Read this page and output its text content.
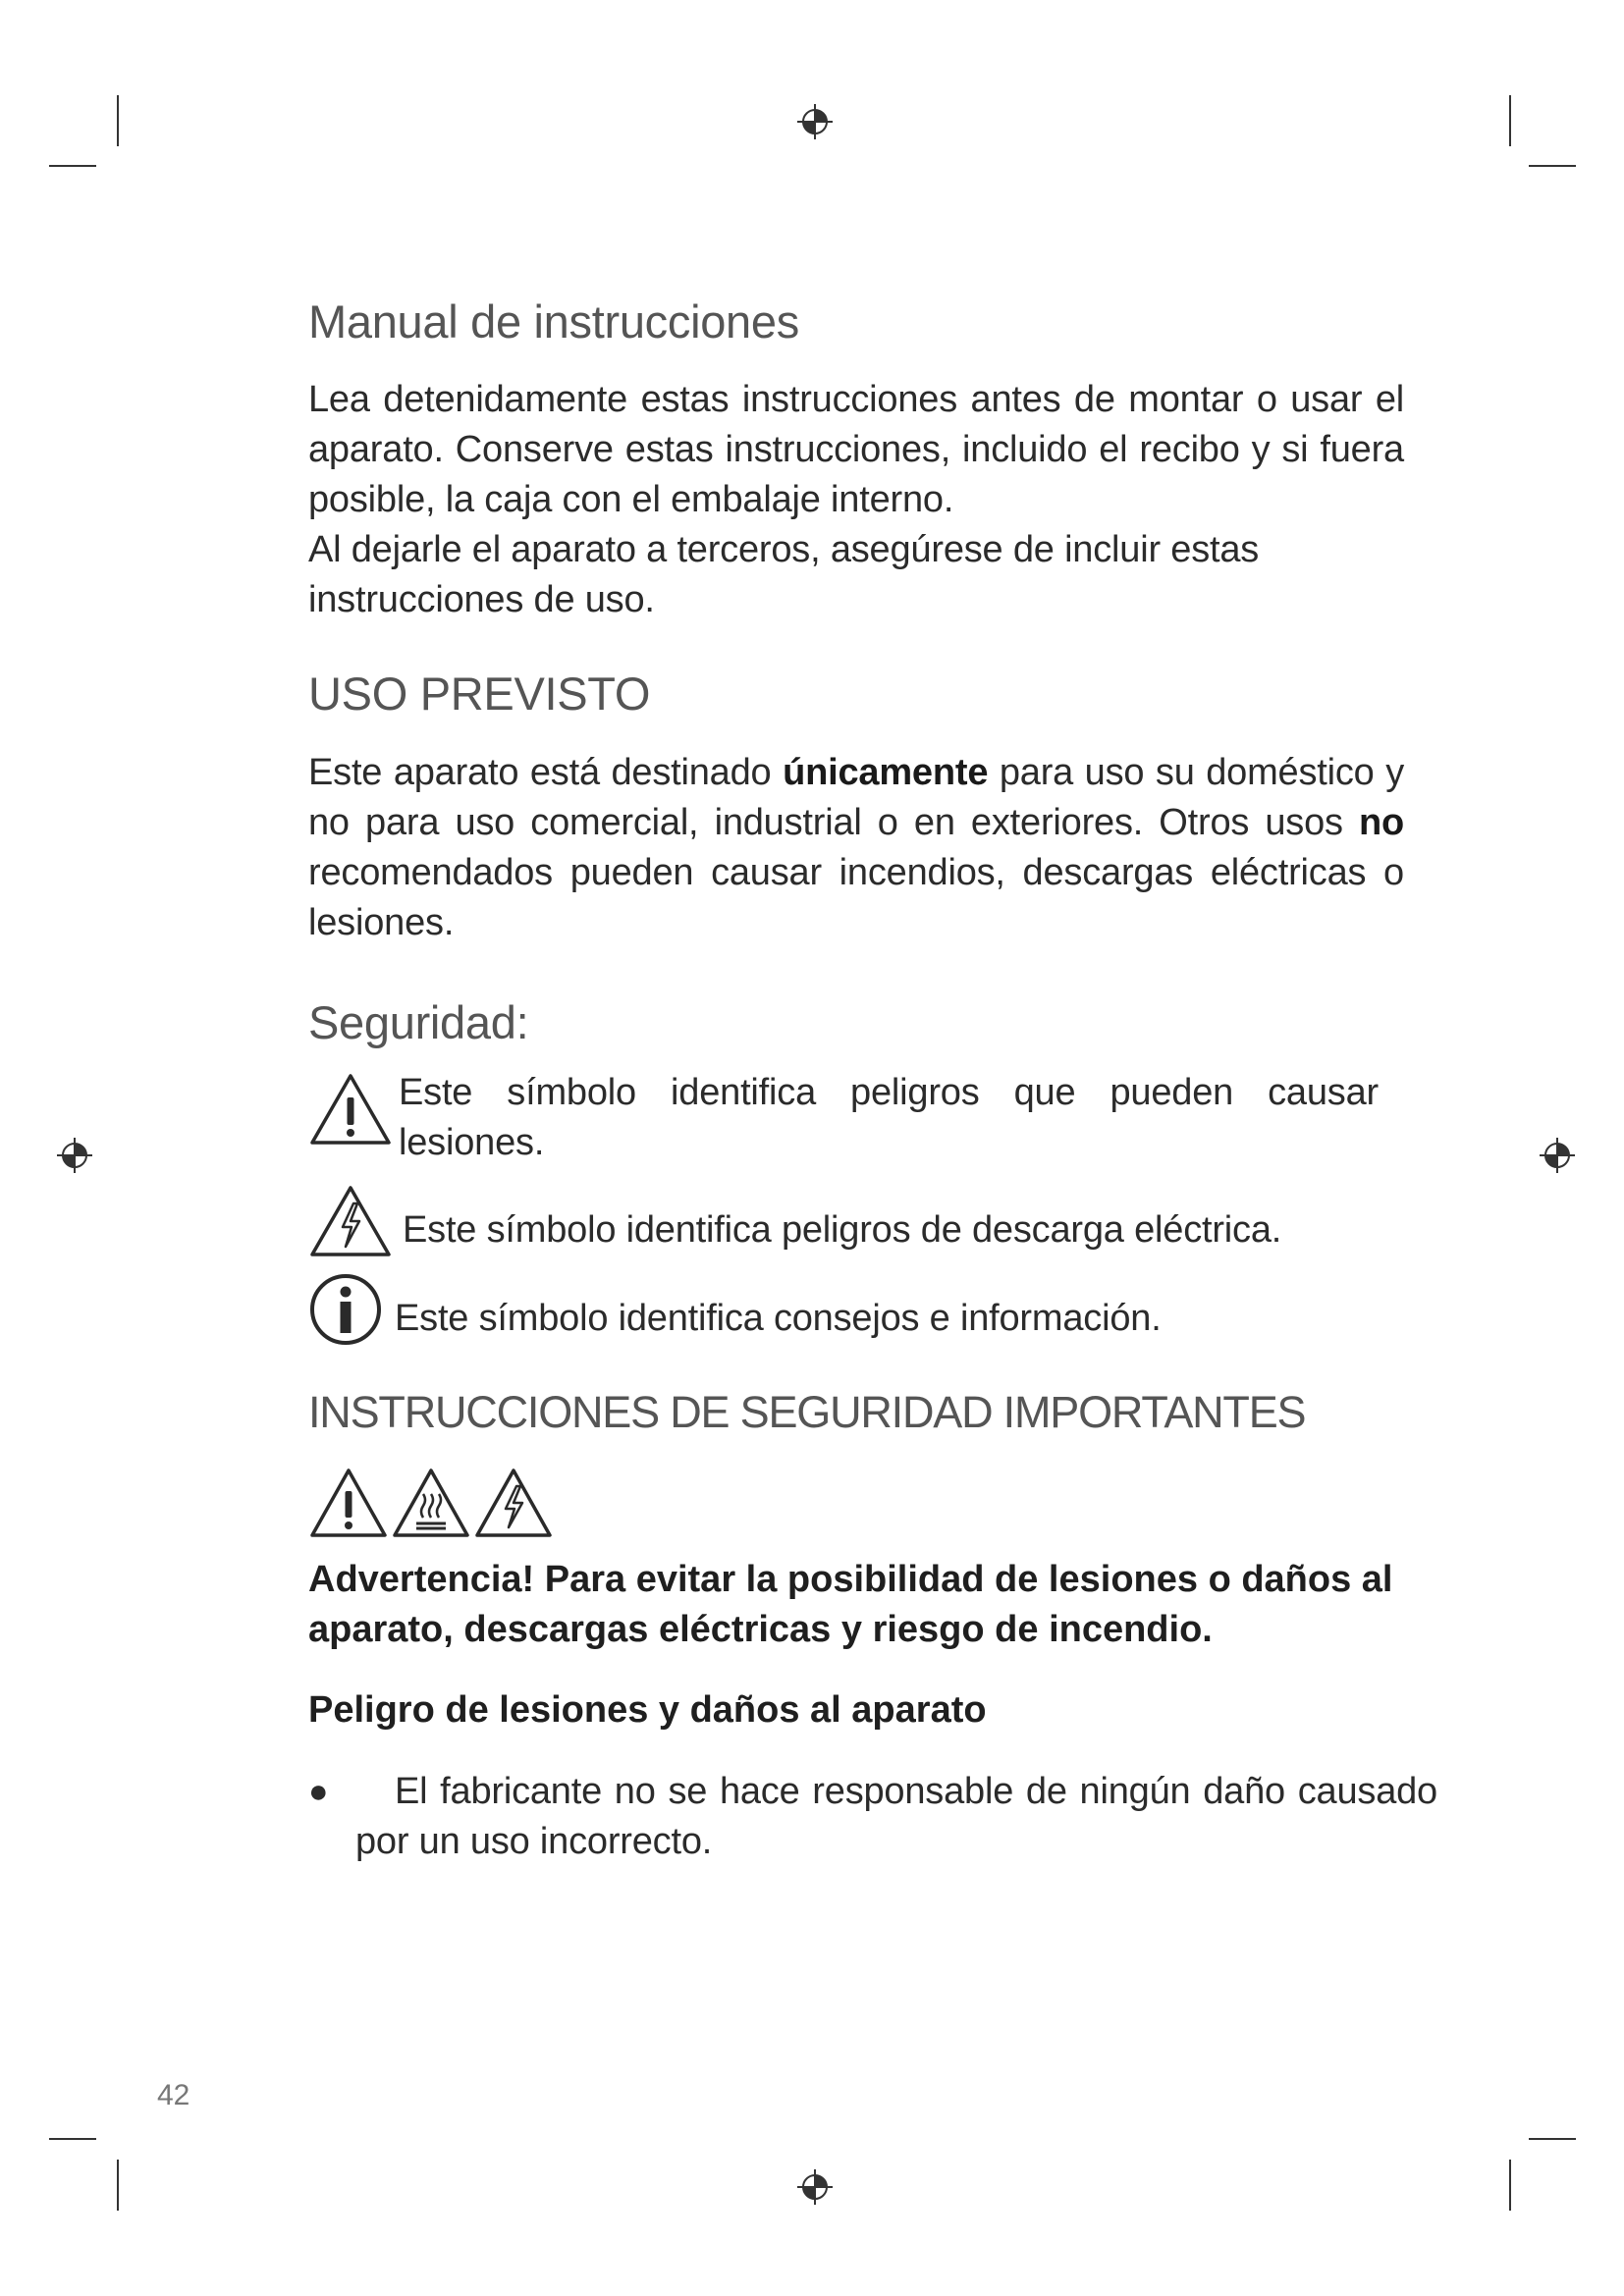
Manual de instrucciones

Lea detenidamente estas instrucciones antes de montar o usar el aparato. Conserve estas instrucciones, incluido el recibo y si fuera posible, la caja con el embalaje interno.

Al dejarle el aparato a terceros, asegúrese de incluir estas instrucciones de uso.

USO PREVISTO

Este aparato está destinado únicamente para uso su doméstico y no para uso comercial, industrial o en exteriores. Otros usos no recomendados pueden causar incendios, descargas eléctricas o lesiones.

Seguridad:
Este símbolo identifica peligros que pueden causar lesiones.
Este símbolo identifica peligros de descarga eléctrica.
Este símbolo identifica consejos e información.
INSTRUCCIONES DE SEGURIDAD IMPORTANTES

Advertencia! Para evitar la posibilidad de lesiones o daños al aparato, descargas eléctricas y riesgo de incendio.

Peligro de lesiones y daños al aparato

●	El fabricante no se hace responsable de ningún daño causado por un uso incorrecto.
42
